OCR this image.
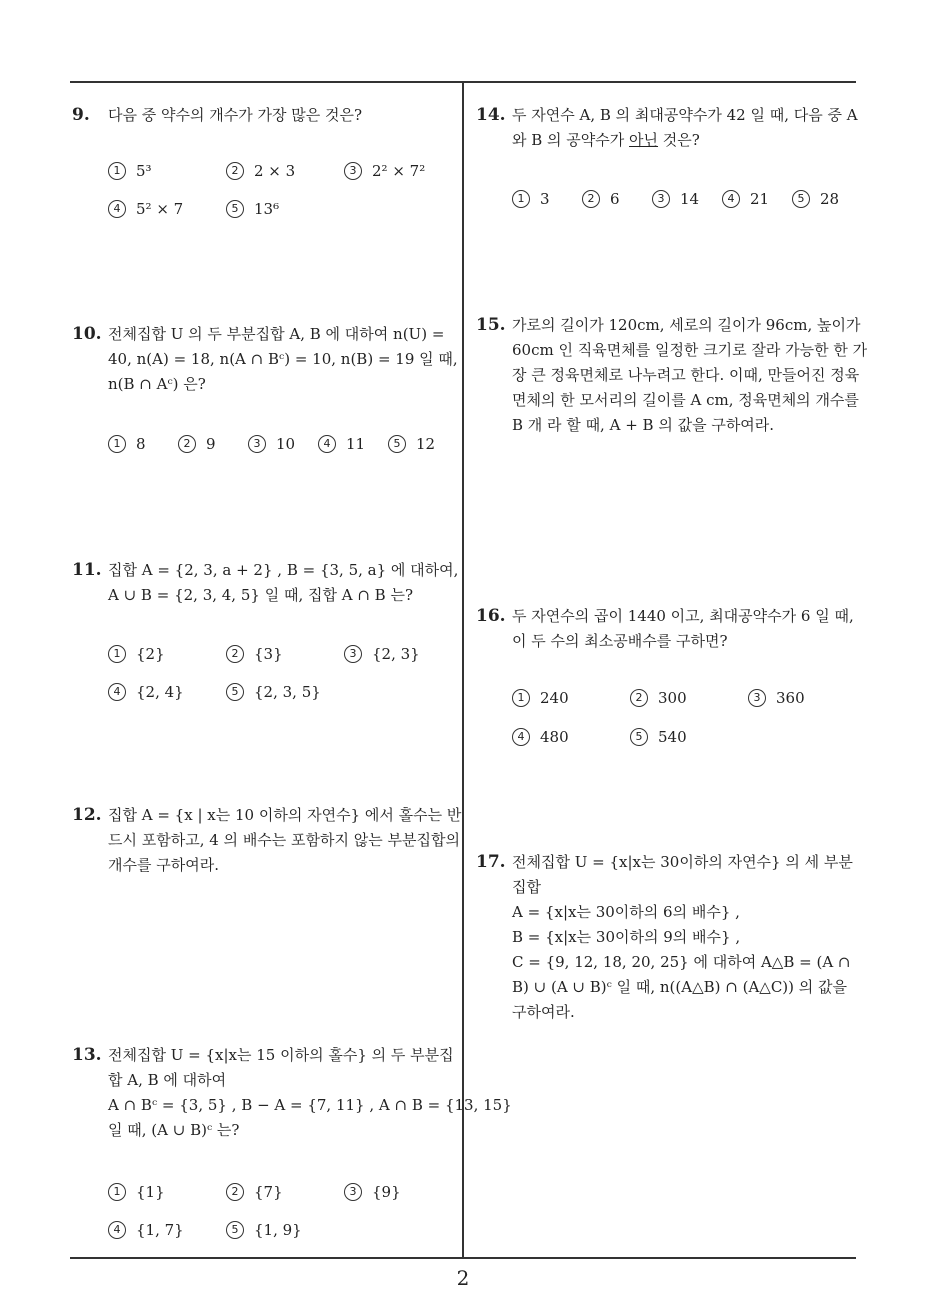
9. 다음 중 약수의 개수가 가장 많은 것은?
1 5³	2 2 × 3	3 2² × 7²
4 5² × 7	5 13⁶
10. 전체집합 U 의 두 부분집합 A, B 에 대하여 n(U) =
40, n(A) = 18, n(A ∩ Bᶜ) = 10, n(B) = 19 일 때,
n(B ∩ Aᶜ) 은?
1 8	2 9	3 10	4 11	5 12
11. 집합 A = {2, 3, a + 2} , B = {3, 5, a} 에 대하여,
A ∪ B = {2, 3, 4, 5} 일 때, 집합 A ∩ B 는?
1 {2}	2 {3}	3 {2, 3}
4 {2, 4}	5 {2, 3, 5}
12. 집합 A = {x | x는 10 이하의 자연수} 에서 홀수는 반
드시 포함하고, 4 의 배수는 포함하지 않는 부분집합의
개수를 구하여라.
13. 전체집합 U = {x|x는 15 이하의 홀수} 의 두 부분집
합 A, B 에 대하여
A ∩ Bᶜ = {3, 5} , B − A = {7, 11} , A ∩ B = {13, 15}
일 때, (A ∪ B)ᶜ 는?
1 {1}	2 {7}	3 {9}
4 {1, 7}	5 {1, 9}
14. 두 자연수 A, B 의 최대공약수가 42 일 때, 다음 중 A
와 B 의 공약수가 아닌 것은?
1 3	2 6	3 14	4 21	5 28
15. 가로의 길이가 120cm, 세로의 길이가 96cm, 높이가
60cm 인 직육면체를 일정한 크기로 잘라 가능한 한 가
장 큰 정육면체로 나누려고 한다. 이때, 만들어진 정육
면체의 한 모서리의 길이를 A cm, 정육면체의 개수를
B 개 라 할 때, A + B 의 값을 구하여라.
16. 두 자연수의 곱이 1440 이고, 최대공약수가 6 일 때,
이 두 수의 최소공배수를 구하면?
1 240	2 300	3 360
4 480	5 540
17. 전체집합 U = {x|x는 30이하의 자연수} 의 세 부분
집합
A = {x|x는 30이하의 6의 배수} ,
B = {x|x는 30이하의 9의 배수} ,
C = {9, 12, 18, 20, 25} 에 대하여 A△B = (A ∩
B) ∪ (A ∪ B)ᶜ 일 때, n((A△B) ∩ (A△C)) 의 값을
구하여라.
2
